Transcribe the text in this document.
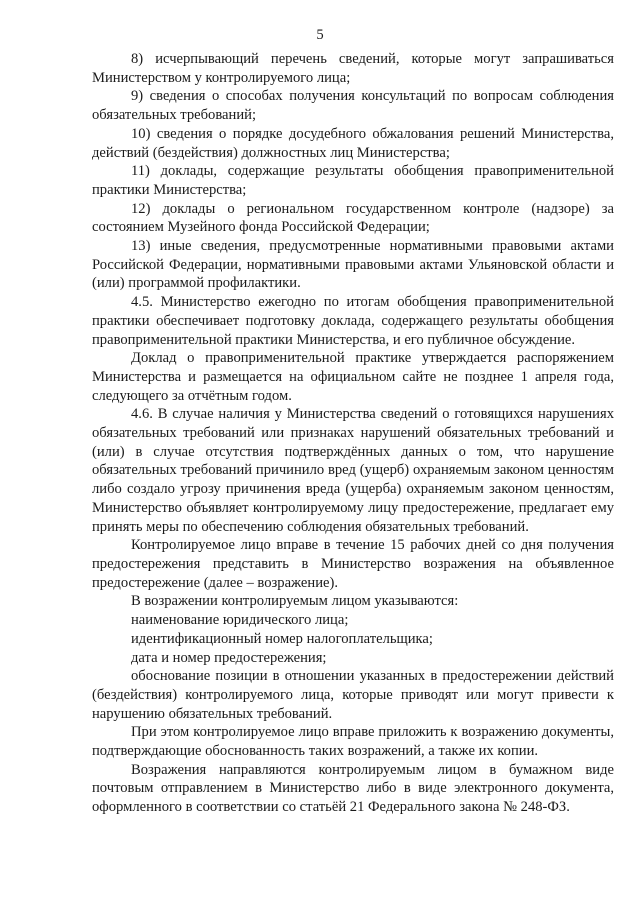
5

8) исчерпывающий перечень сведений, которые могут запрашиваться Министерством у контролируемого лица;

9) сведения о способах получения консультаций по вопросам соблюдения обязательных требований;

10) сведения о порядке досудебного обжалования решений Министерства, действий (бездействия) должностных лиц Министерства;

11) доклады, содержащие результаты обобщения правоприменительной практики Министерства;

12) доклады о региональном государственном контроле (надзоре) за состоянием Музейного фонда Российской Федерации;

13) иные сведения, предусмотренные нормативными правовыми актами Российской Федерации, нормативными правовыми актами Ульяновской области и (или) программой профилактики.

4.5. Министерство ежегодно по итогам обобщения правоприменительной практики обеспечивает подготовку доклада, содержащего результаты обобщения правоприменительной практики Министерства, и его публичное обсуждение.

Доклад о правоприменительной практике утверждается распоряжением Министерства и размещается на официальном сайте не позднее 1 апреля года, следующего за отчётным годом.

4.6. В случае наличия у Министерства сведений о готовящихся нарушениях обязательных требований или признаках нарушений обязательных требований и (или) в случае отсутствия подтверждённых данных о том, что нарушение обязательных требований причинило вред (ущерб) охраняемым законом ценностям либо создало угрозу причинения вреда (ущерба) охраняемым законом ценностям, Министерство объявляет контролируемому лицу предостережение, предлагает ему принять меры по обеспечению соблюдения обязательных требований.

Контролируемое лицо вправе в течение 15 рабочих дней со дня получения предостережения представить в Министерство возражения на объявленное предостережение (далее – возражение).

В возражении контролируемым лицом указываются:

наименование юридического лица;

идентификационный номер налогоплательщика;

дата и номер предостережения;

обоснование позиции в отношении указанных в предостережении действий (бездействия) контролируемого лица, которые приводят или могут привести к нарушению обязательных требований.

При этом контролируемое лицо вправе приложить к возражению документы, подтверждающие обоснованность таких возражений, а также их копии.

Возражения направляются контролируемым лицом в бумажном виде почтовым отправлением в Министерство либо в виде электронного документа, оформленного в соответствии со статьёй 21 Федерального закона № 248-ФЗ.
